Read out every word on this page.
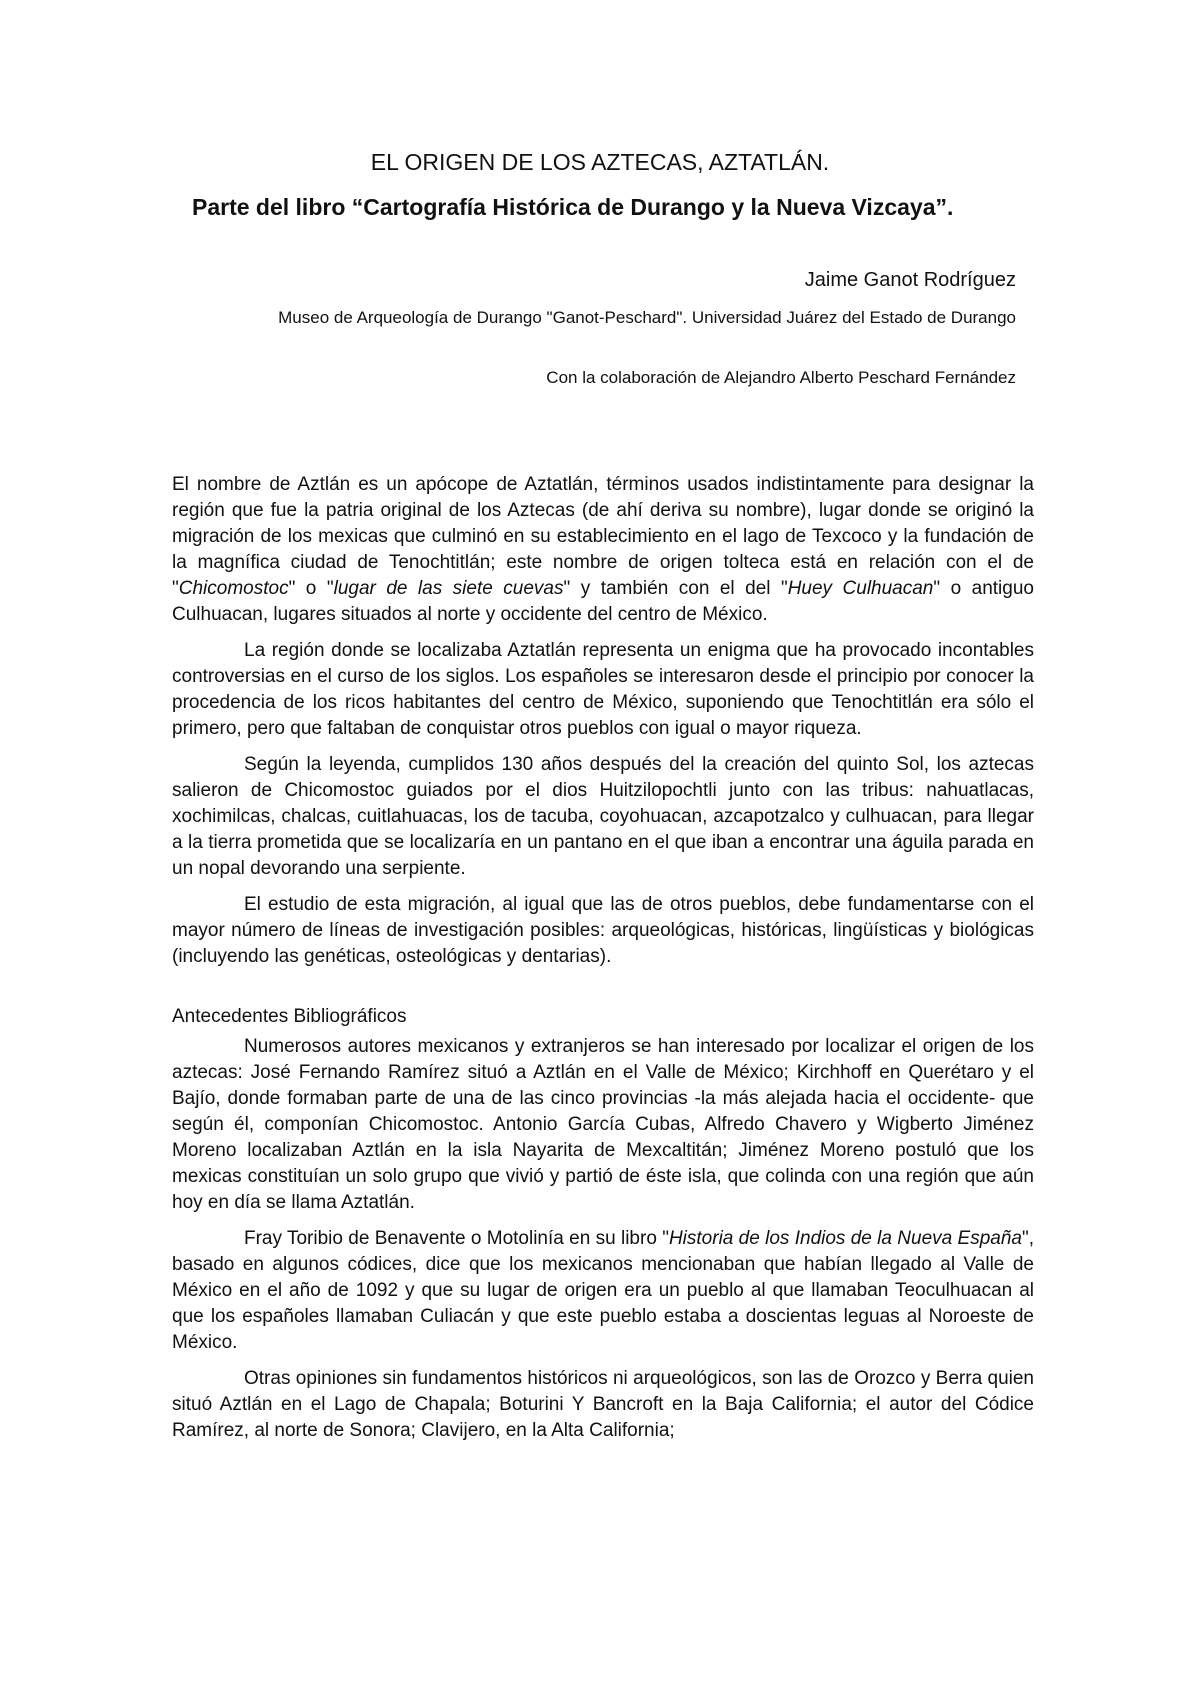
EL ORIGEN DE LOS AZTECAS, AZTATLÁN.
Parte del libro “Cartografía Histórica de Durango y la Nueva Vizcaya”.

Jaime Ganot Rodríguez

Museo de Arqueología de Durango "Ganot-Peschard". Universidad Juárez del Estado de Durango

Con la colaboración de Alejandro Alberto Peschard Fernández

El nombre de Aztlán es un apócope de Aztatlán, términos usados indistintamente para designar la región que fue la patria original de los Aztecas (de ahí deriva su nombre), lugar donde se originó la migración de los mexicas que culminó en su establecimiento en el lago de Texcoco y la fundación de la magnífica ciudad de Tenochtitlán; este nombre de origen tolteca está en relación con el de "Chicomostoc" o "lugar de las siete cuevas" y también con el del "Huey Culhuacan" o antiguo Culhuacan, lugares situados al norte y occidente del centro de México.

La región donde se localizaba Aztatlán representa un enigma que ha provocado incontables controversias en el curso de los siglos. Los españoles se interesaron desde el principio por conocer la procedencia de los ricos habitantes del centro de México, suponiendo que Tenochtitlán era sólo el primero, pero que faltaban de conquistar otros pueblos con igual o mayor riqueza.

Según la leyenda, cumplidos 130 años después del la creación del quinto Sol, los aztecas salieron de Chicomostoc guiados por el dios Huitzilopochtli junto con las tribus: nahuatlacas, xochimilcas, chalcas, cuitlahuacas, los de tacuba, coyohuacan, azcapotzalco y culhuacan, para llegar a la tierra prometida que se localizaría en un pantano en el que iban a encontrar una águila parada en un nopal devorando una serpiente.

El estudio de esta migración, al igual que las de otros pueblos, debe fundamentarse con el mayor número de líneas de investigación posibles: arqueológicas, históricas, lingüísticas y biológicas (incluyendo las genéticas, osteológicas y dentarias).

Antecedentes Bibliográficos

Numerosos autores mexicanos y extranjeros se han interesado por localizar el origen de los aztecas: José Fernando Ramírez situó a Aztlán en el Valle de México; Kirchhoff en Querétaro y el Bajío, donde formaban parte de una de las cinco provincias -la más alejada hacia el occidente- que según él, componían Chicomostoc. Antonio García Cubas, Alfredo Chavero y Wigberto Jiménez Moreno localizaban Aztlán en la isla Nayarita de Mexcaltitán; Jiménez Moreno postuló que los mexicas constituían un solo grupo que vivió y partió de éste isla, que colinda con una región que aún hoy en día se llama Aztatlán.

Fray Toribio de Benavente o Motolinía en su libro "Historia de los Indios de la Nueva España", basado en algunos códices, dice que los mexicanos mencionaban que habían llegado al Valle de México en el año de 1092 y que su lugar de origen era un pueblo al que llamaban Teoculhuacan al que los españoles llamaban Culiacán y que este pueblo estaba a doscientas leguas al Noroeste de México.

Otras opiniones sin fundamentos históricos ni arqueológicos, son las de Orozco y Berra quien situó Aztlán en el Lago de Chapala; Boturini Y Bancroft en la Baja California; el autor del Códice Ramírez, al norte de Sonora; Clavijero, en la Alta California;
